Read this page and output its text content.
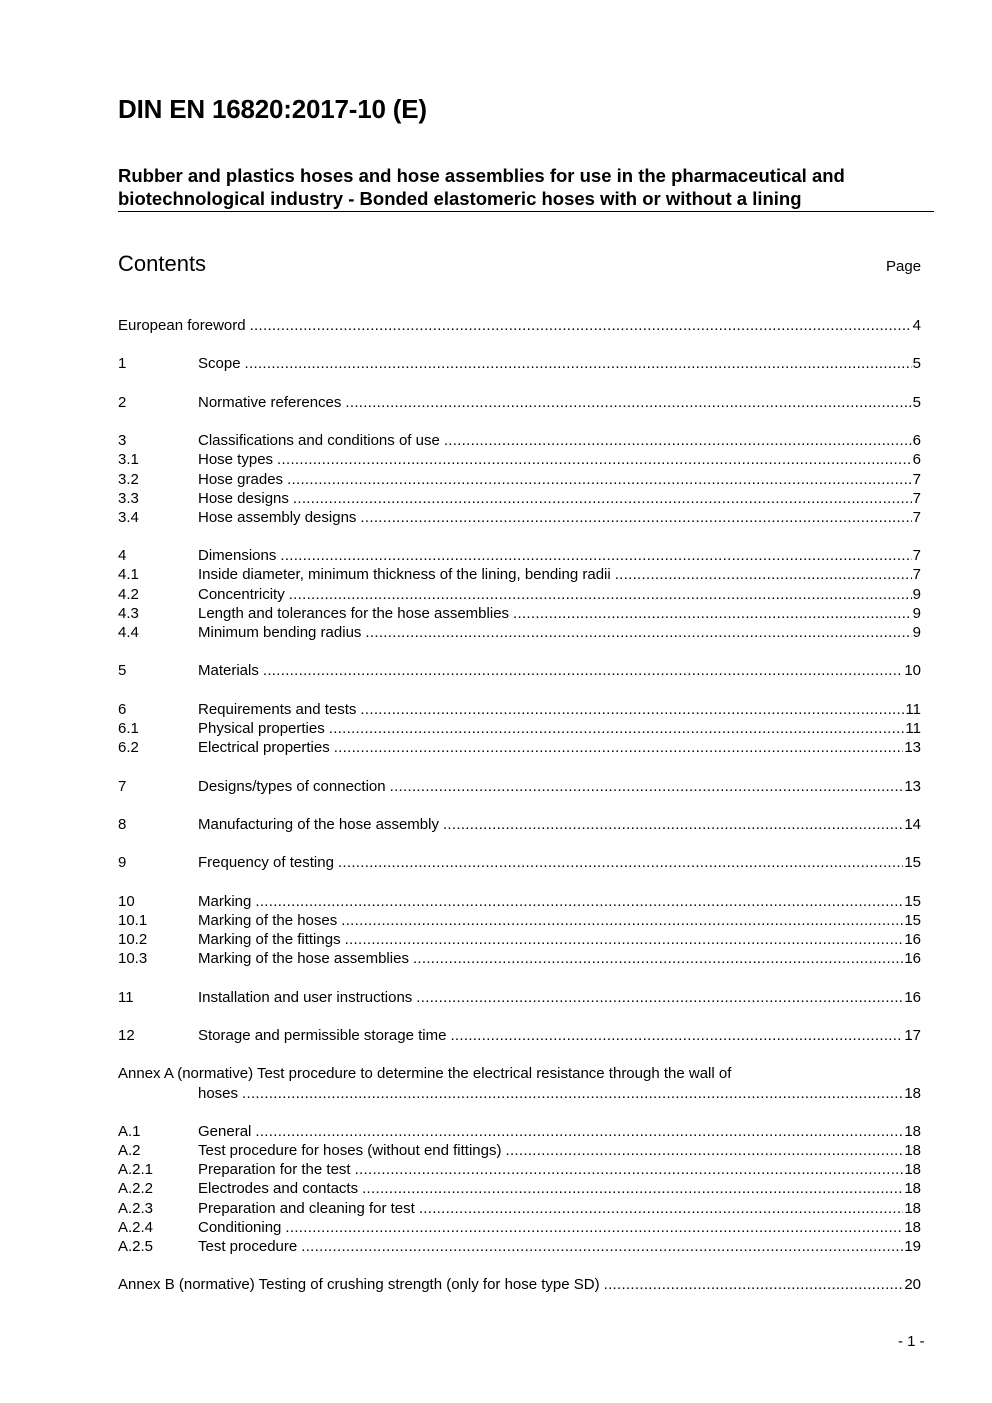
DIN EN 16820:2017-10 (E)
Rubber and plastics hoses and hose assemblies for use in the pharmaceutical and
biotechnological industry - Bonded elastomeric hoses with or without a lining
Contents	Page
European foreword .....	4
1	Scope .....	5
2	Normative references .....	5
3	Classifications and conditions of use .....	6
3.1	Hose types .....	6
3.2	Hose grades .....	7
3.3	Hose designs .....	7
3.4	Hose assembly designs .....	7
4	Dimensions .....	7
4.1	Inside diameter, minimum thickness of the lining, bending radii .....	7
4.2	Concentricity .....	9
4.3	Length and tolerances for the hose assemblies .....	9
4.4	Minimum bending radius .....	9
5	Materials .....	10
6	Requirements and tests .....	11
6.1	Physical properties .....	11
6.2	Electrical properties .....	13
7	Designs/types of connection .....	13
8	Manufacturing of the hose assembly .....	14
9	Frequency of testing .....	15
10	Marking .....	15
10.1	Marking of the hoses .....	15
10.2	Marking of the fittings .....	16
10.3	Marking of the hose assemblies .....	16
11	Installation and user instructions .....	16
12	Storage and permissible storage time .....	17
Annex A (normative) Test procedure to determine the electrical resistance through the wall of
hoses .....	18
A.1	General .....	18
A.2	Test procedure for hoses (without end fittings) .....	18
A.2.1	Preparation for the test .....	18
A.2.2	Electrodes and contacts .....	18
A.2.3	Preparation and cleaning for test .....	18
A.2.4	Conditioning .....	18
A.2.5	Test procedure .....	19
Annex B (normative) Testing of crushing strength (only for hose type SD) .....	20
- 1 -
